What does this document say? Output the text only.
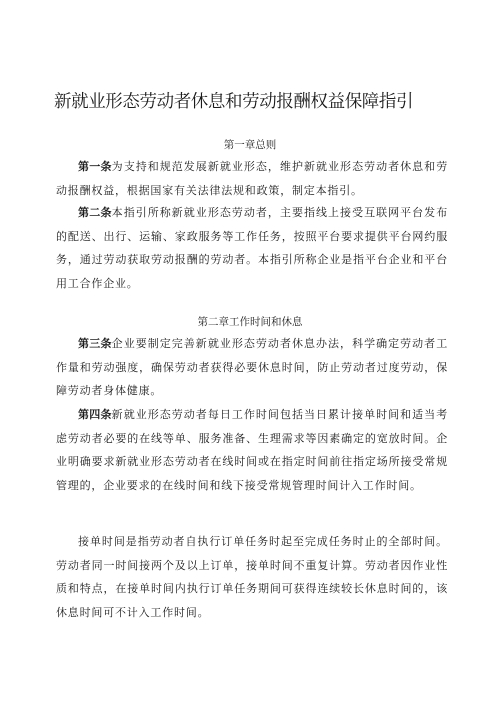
新就业形态劳动者休息和劳动报酬权益保障指引
第一章总则

第一条为支持和规范发展新就业形态，维护新就业形态劳动者休息和劳动报酬权益，根据国家有关法律法规和政策，制定本指引。

第二条本指引所称新就业形态劳动者，主要指线上接受互联网平台发布的配送、出行、运输、家政服务等工作任务，按照平台要求提供平台网约服务，通过劳动获取劳动报酬的劳动者。本指引所称企业是指平台企业和平台用工合作企业。

第二章工作时间和休息

第三条企业要制定完善新就业形态劳动者休息办法，科学确定劳动者工作量和劳动强度，确保劳动者获得必要休息时间，防止劳动者过度劳动，保障劳动者身体健康。

第四条新就业形态劳动者每日工作时间包括当日累计接单时间和适当考虑劳动者必要的在线等单、服务准备、生理需求等因素确定的宽放时间。企业明确要求新就业形态劳动者在线时间或在指定时间前往指定场所接受常规管理的，企业要求的在线时间和线下接受常规管理时间计入工作时间。

接单时间是指劳动者自执行订单任务时起至完成任务时止的全部时间。劳动者同一时间接两个及以上订单，接单时间不重复计算。劳动者因作业性质和特点，在接单时间内执行订单任务期间可获得连续较长休息时间的，该休息时间可不计入工作时间。
